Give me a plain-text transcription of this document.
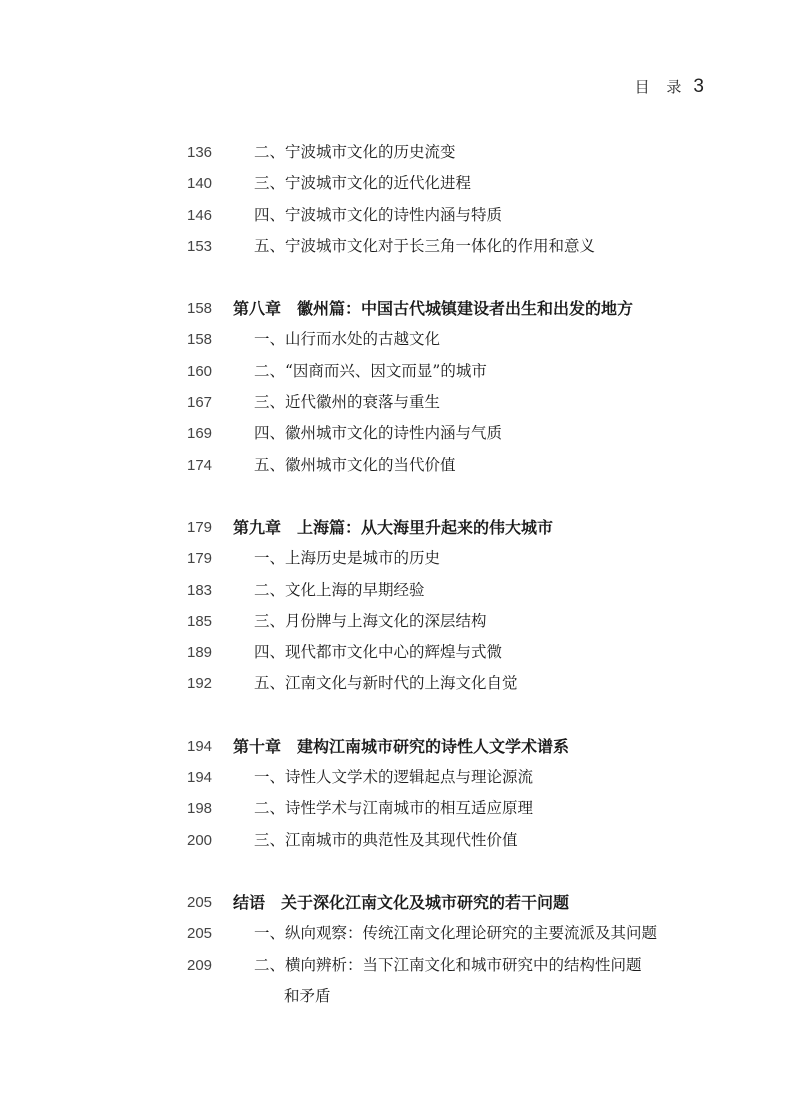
目 录 3
136	二、宁波城市文化的历史流变
140	三、宁波城市文化的近代化进程
146	四、宁波城市文化的诗性内涵与特质
153	五、宁波城市文化对于长三角一体化的作用和意义
158	第八章　徽州篇：中国古代城镇建设者出生和出发的地方
158	一、山行而水处的古越文化
160	二、“因商而兴、因文而显”的城市
167	三、近代徽州的衰落与重生
169	四、徽州城市文化的诗性内涵与气质
174	五、徽州城市文化的当代价值
179	第九章　上海篇：从大海里升起来的伟大城市
179	一、上海历史是城市的历史
183	二、文化上海的早期经验
185	三、月份牌与上海文化的深层结构
189	四、现代都市文化中心的辉煌与式微
192	五、江南文化与新时代的上海文化自觉
194	第十章　建构江南城市研究的诗性人文学术谱系
194	一、诗性人文学术的逻辑起点与理论源流
198	二、诗性学术与江南城市的相互适应原理
200	三、江南城市的典范性及其现代性价值
205	结语　关于深化江南文化及城市研究的若干问题
205	一、纵向观察：传统江南文化理论研究的主要流派及其问题
209	二、横向辨析：当下江南文化和城市研究中的结构性问题
和矛盾
